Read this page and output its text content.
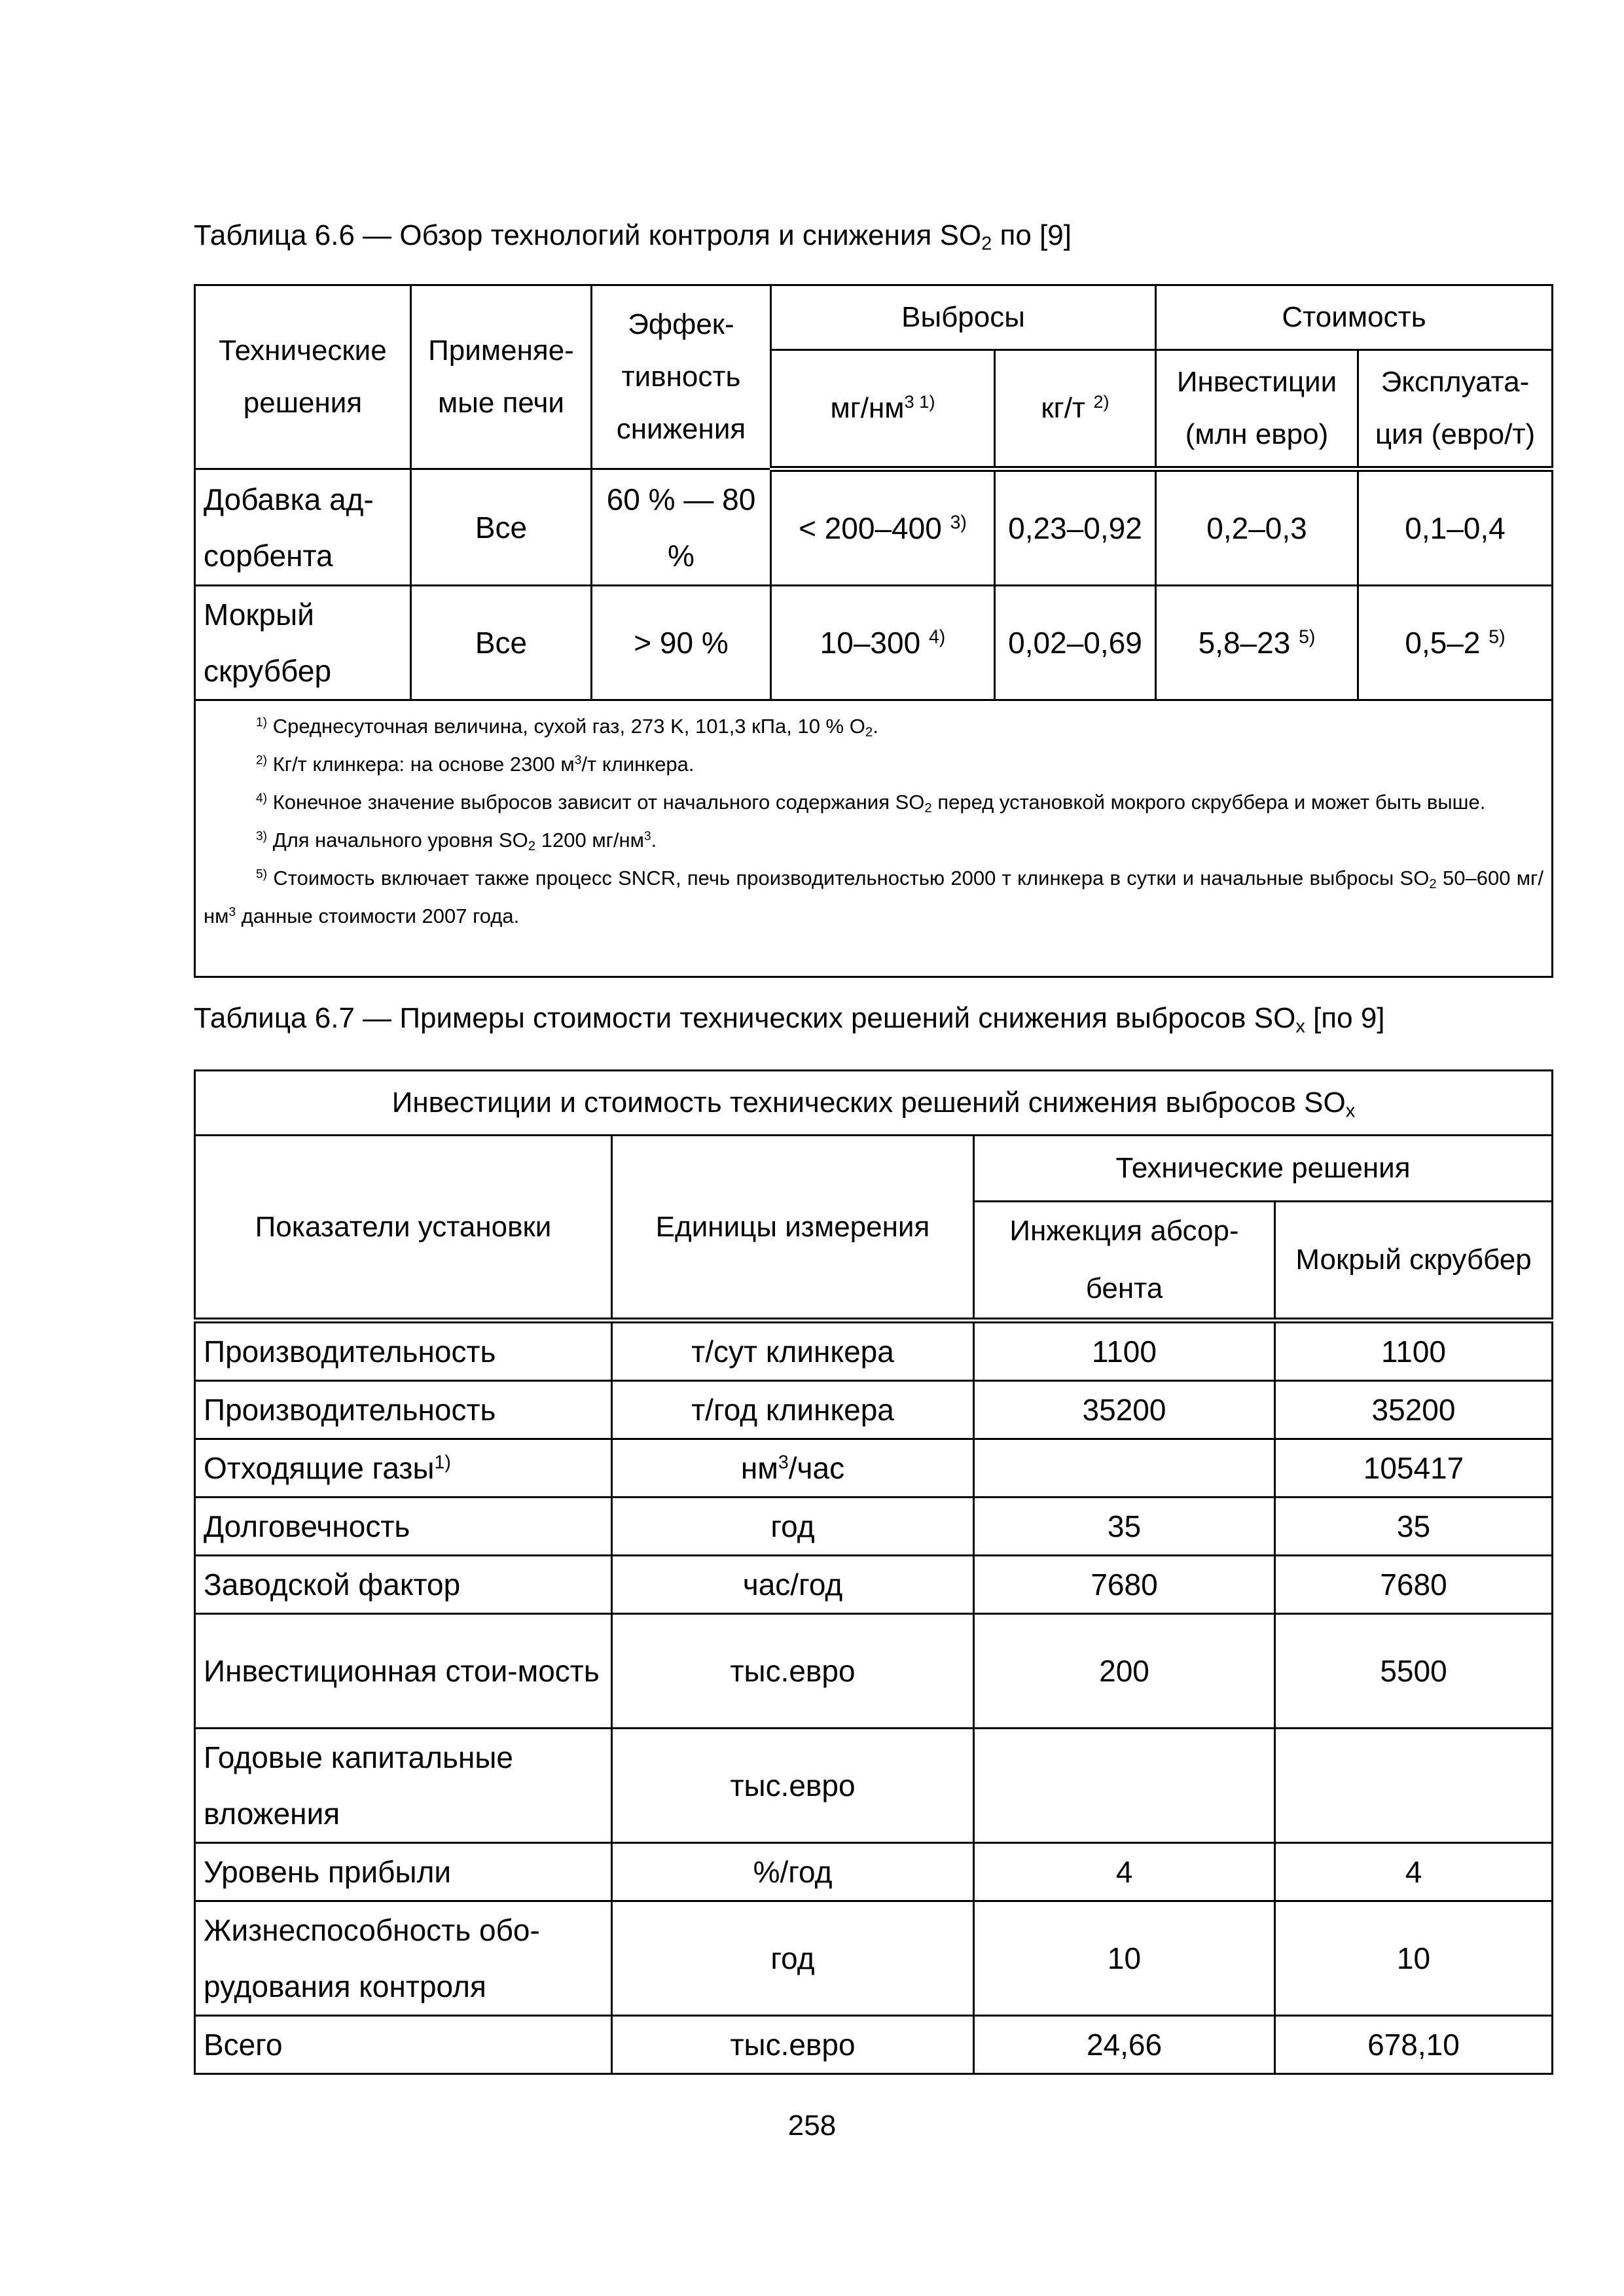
Таблица 6.6 — Обзор технологий контроля и снижения $SO_2$ по [9]
Технические решения	Применяе-мые печи	Эффек-тивность снижения	Выбросы		Стоимость	
			$мг/нм^{3 1)}$	кг/т $^{2)}$	Инвестиции (млн евро)	Эксплуата-ция (евро/т)
Добавка ад-сорбента	Все	60 % — 80 %	< 200–400 $^{3)}$	0,23–0,92	0,2–0,3	0,1–0,4
Мокрый скруббер	Все	> 90 %	10–300 $^{4)}$	0,02–0,69	5,8–23 $^{5)}$	0,5–2 $^{5)}$

$^{1)}$ Среднесуточная величина, сухой газ, 273 K, 101,3 кПа, 10 % $O_2$.
$^{2)}$ Кг/т клинкера: на основе 2300 $м^3/т$ клинкера.
$^{4)}$ Конечное значение выбросов зависит от начального содержания $SO_2$ перед установкой мокрого скруббера и может быть выше.
$^{3)}$ Для начального уровня $SO_2$ 1200 $мг/нм^3$.
$^{5)}$ Стоимость включает также процесс SNCR, печь производительностью 2000 т клинкера в сутки и начальные выбросы $SO_2$ 50–600 мг/ $нм^3$ данные стоимости 2007 года.						
Таблица 6.7 — Примеры стоимости технических решений снижения выбросов $SO_x$ [по 9]
Инвестиции и стоимость технических решений снижения выбросов $SO_x$
Показатели установки	Единицы измерения	Технические решения	
		Инжекция абсор-бента	Мокрый скруббер
Производительность	т/сут клинкера	1100	1100
Производительность	т/год клинкера	35200	35200
Отходящие газы$^{1)}$	$нм^3$/час		105417
Долговечность	год	35	35
Заводской фактор	час/год	7680	7680
Инвестиционная стои-мость	тыс.евро	200	5500
Годовые капитальные вложения	тыс.евро		
Уровень прибыли	%/год	4	4
Жизнеспособность обо-рудования контроля	год	10	10
Всего	тыс.евро	24,66	678,10
258
